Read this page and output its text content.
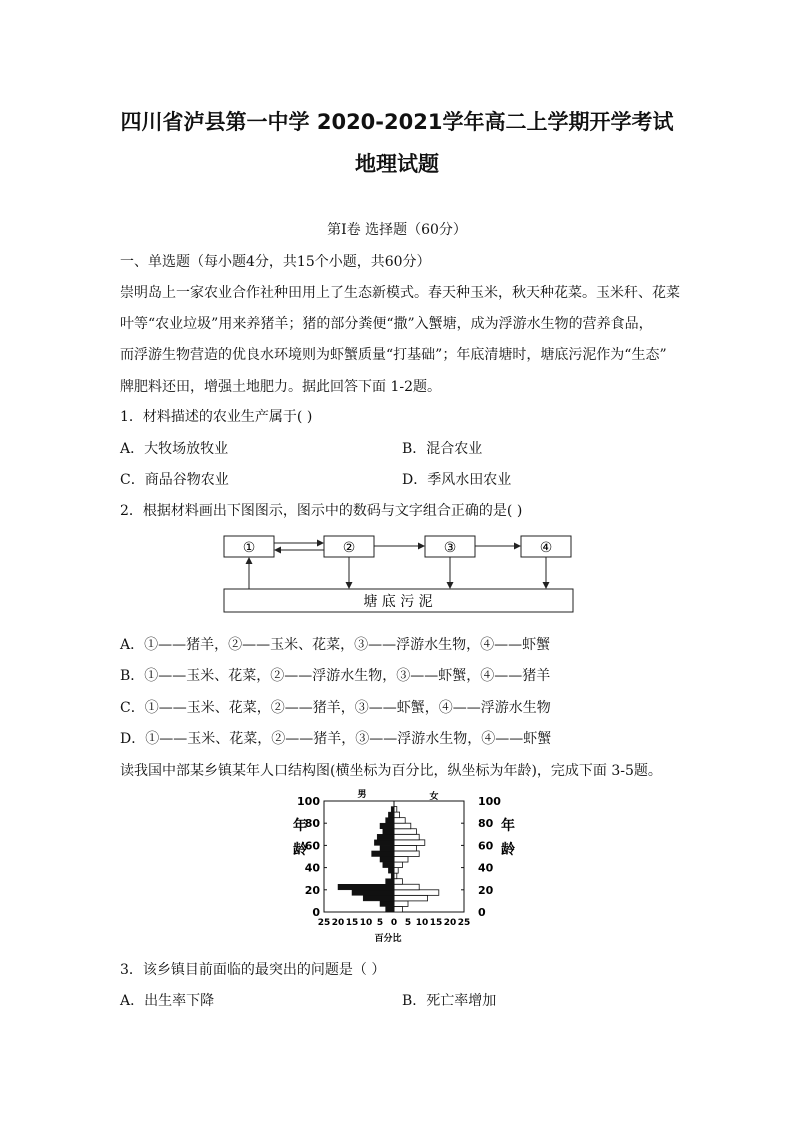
四川省泸县第一中学 2020-2021学年高二上学期开学考试
地理试题
第Ⅰ卷 选择题（60分）
一、单选题（每小题4分，共15个小题，共60分）
崇明岛上一家农业合作社种田用上了生态新模式。春天种玉米，秋天种花菜。玉米秆、花菜
叶等“农业垃圾”用来养猪羊；猪的部分粪便“撒”入蟹塘，成为浮游水生物的营养食品，
而浮游生物营造的优良水环境则为虾蟹质量“打基础”；年底清塘时，塘底污泥作为“生态”
牌肥料还田，增强土地肥力。据此回答下面 1-2题。
1．材料描述的农业生产属于( )
A．大牧场放牧业	B．混合农业
C．商品谷物农业	D．季风水田农业
2．根据材料画出下图图示，图示中的数码与文字组合正确的是( )
①	②	③	④
塘 底 污 泥
A．①——猪羊，②——玉米、花菜，③——浮游水生物，④——虾蟹
B．①——玉米、花菜，②——浮游水生物，③——虾蟹，④——猪羊
C．①——玉米、花菜，②——猪羊，③——虾蟹，④——浮游水生物
D．①——玉米、花菜，②——猪羊，③——浮游水生物，④——虾蟹
读我国中部某乡镇某年人口结构图(横坐标为百分比，纵坐标为年龄)，完成下面 3-5题。
0	0
20	20
40	40
60	60
80	80
100	100
年
龄
年
龄
25 20 15 10 5 0 5 10 15 20 25
男	女
百分比
3．该乡镇目前面临的最突出的问题是（ ）
A．出生率下降	B．死亡率增加
